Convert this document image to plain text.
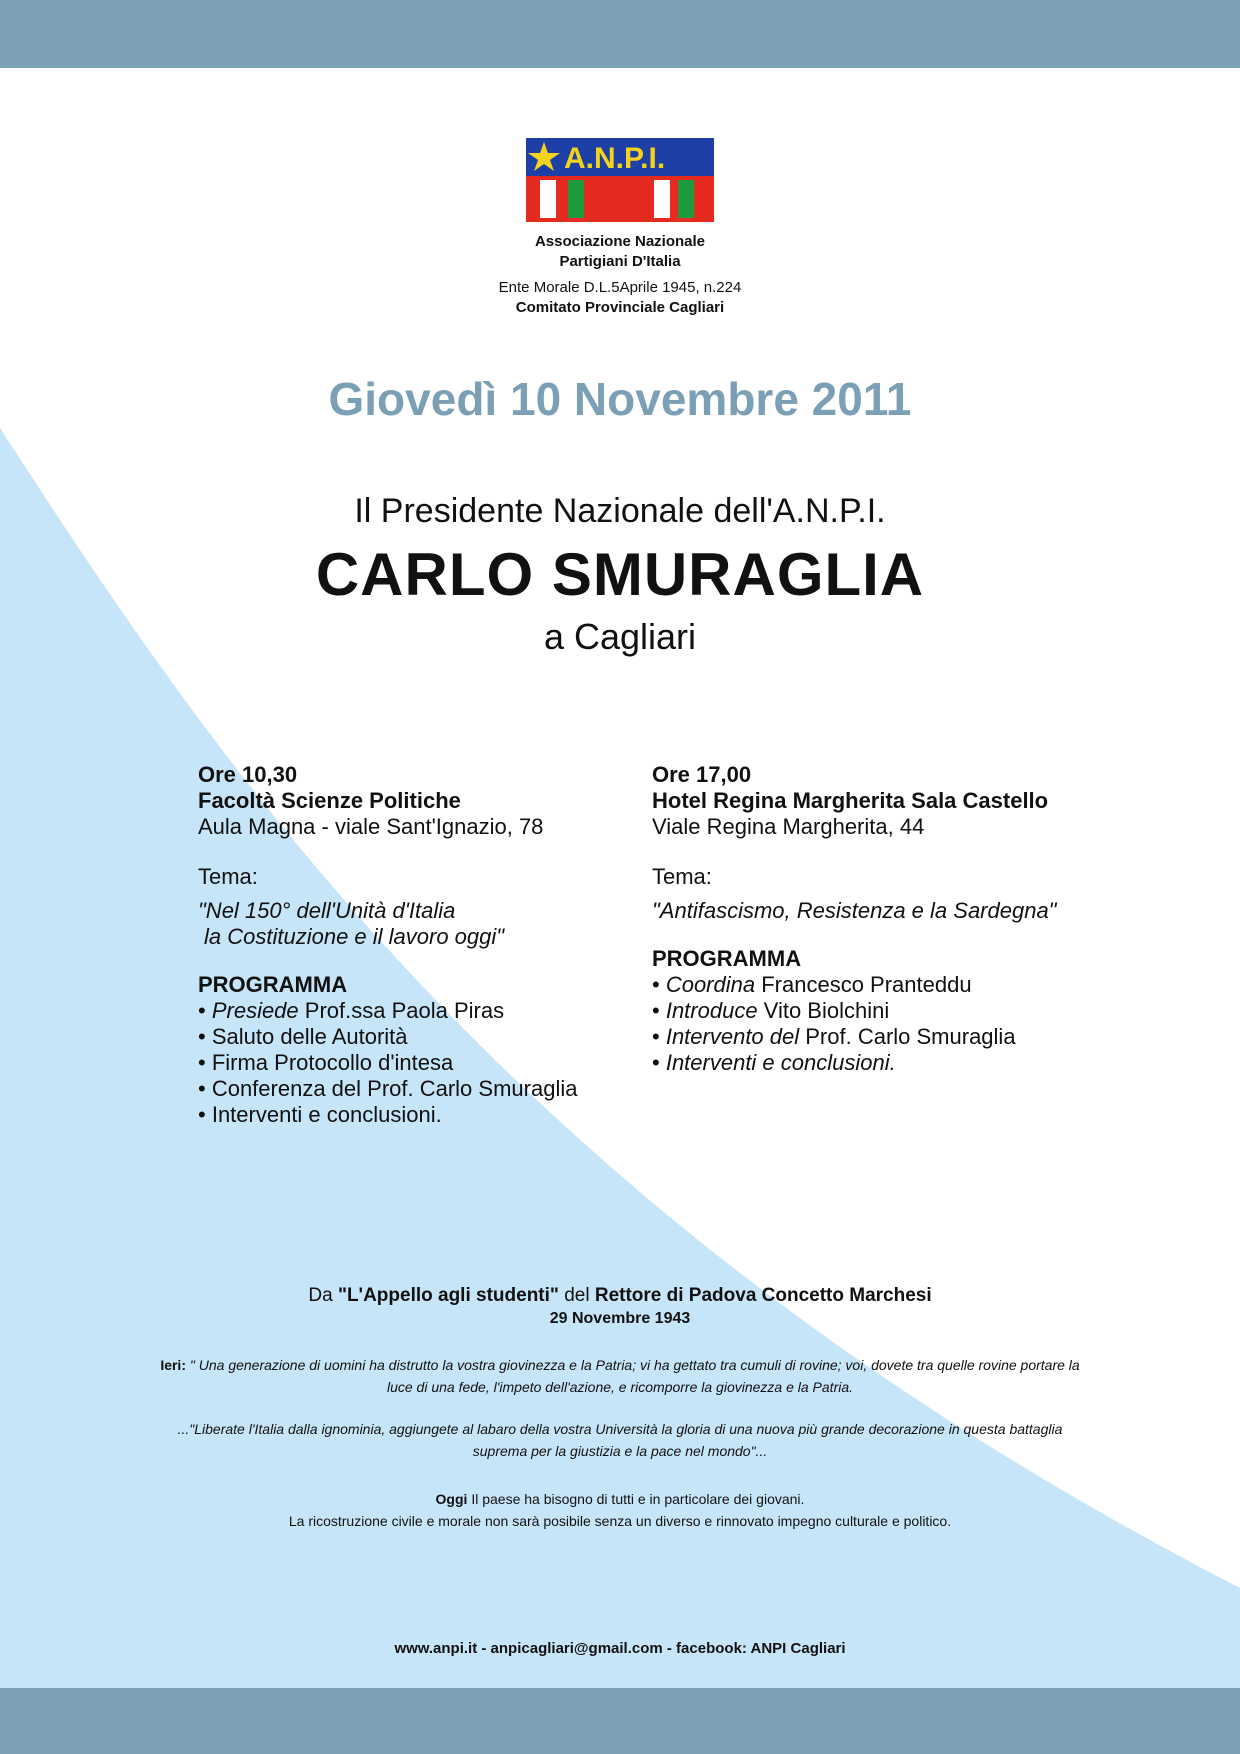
A.N.P.I.
Associazione Nazionale
Partigiani D'Italia
Ente Morale D.L.5Aprile 1945, n.224
Comitato Provinciale Cagliari
Giovedì 10 Novembre 2011
Il Presidente Nazionale dell'A.N.P.I.
CARLO SMURAGLIA
a Cagliari
Ore 10,30
Facoltà Scienze Politiche
Aula Magna - viale Sant'Ignazio, 78
Tema:
"Nel 150° dell'Unità d'Italia
la Costituzione e il lavoro oggi"
PROGRAMMA
• Presiede Prof.ssa Paola Piras
• Saluto delle Autorità
• Firma Protocollo d'intesa
• Conferenza del Prof. Carlo Smuraglia
• Interventi e conclusioni.
Ore 17,00
Hotel Regina Margherita Sala Castello
Viale Regina Margherita, 44
Tema:
"Antifascismo, Resistenza e la Sardegna"
PROGRAMMA
• Coordina Francesco Pranteddu
• Introduce Vito Biolchini
• Intervento del Prof. Carlo Smuraglia
• Interventi e conclusioni.
Da "L'Appello agli studenti" del Rettore di Padova Concetto Marchesi
29 Novembre 1943
Ieri: " Una generazione di uomini ha distrutto la vostra giovinezza e la Patria; vi ha gettato tra cumuli di rovine; voi, dovete tra quelle rovine portare la luce di una fede, l'impeto dell'azione, e ricomporre la giovinezza e la Patria.
..."Liberate l'Italia dalla ignominia, aggiungete al labaro della vostra Università la gloria di una nuova più grande decorazione in questa battaglia suprema per la giustizia e la pace nel mondo"...
Oggi Il paese ha bisogno di tutti e in particolare dei giovani.
La ricostruzione civile e morale non sarà posibile senza un diverso e rinnovato impegno culturale e politico.
www.anpi.it - anpicagliari@gmail.com - facebook: ANPI Cagliari
